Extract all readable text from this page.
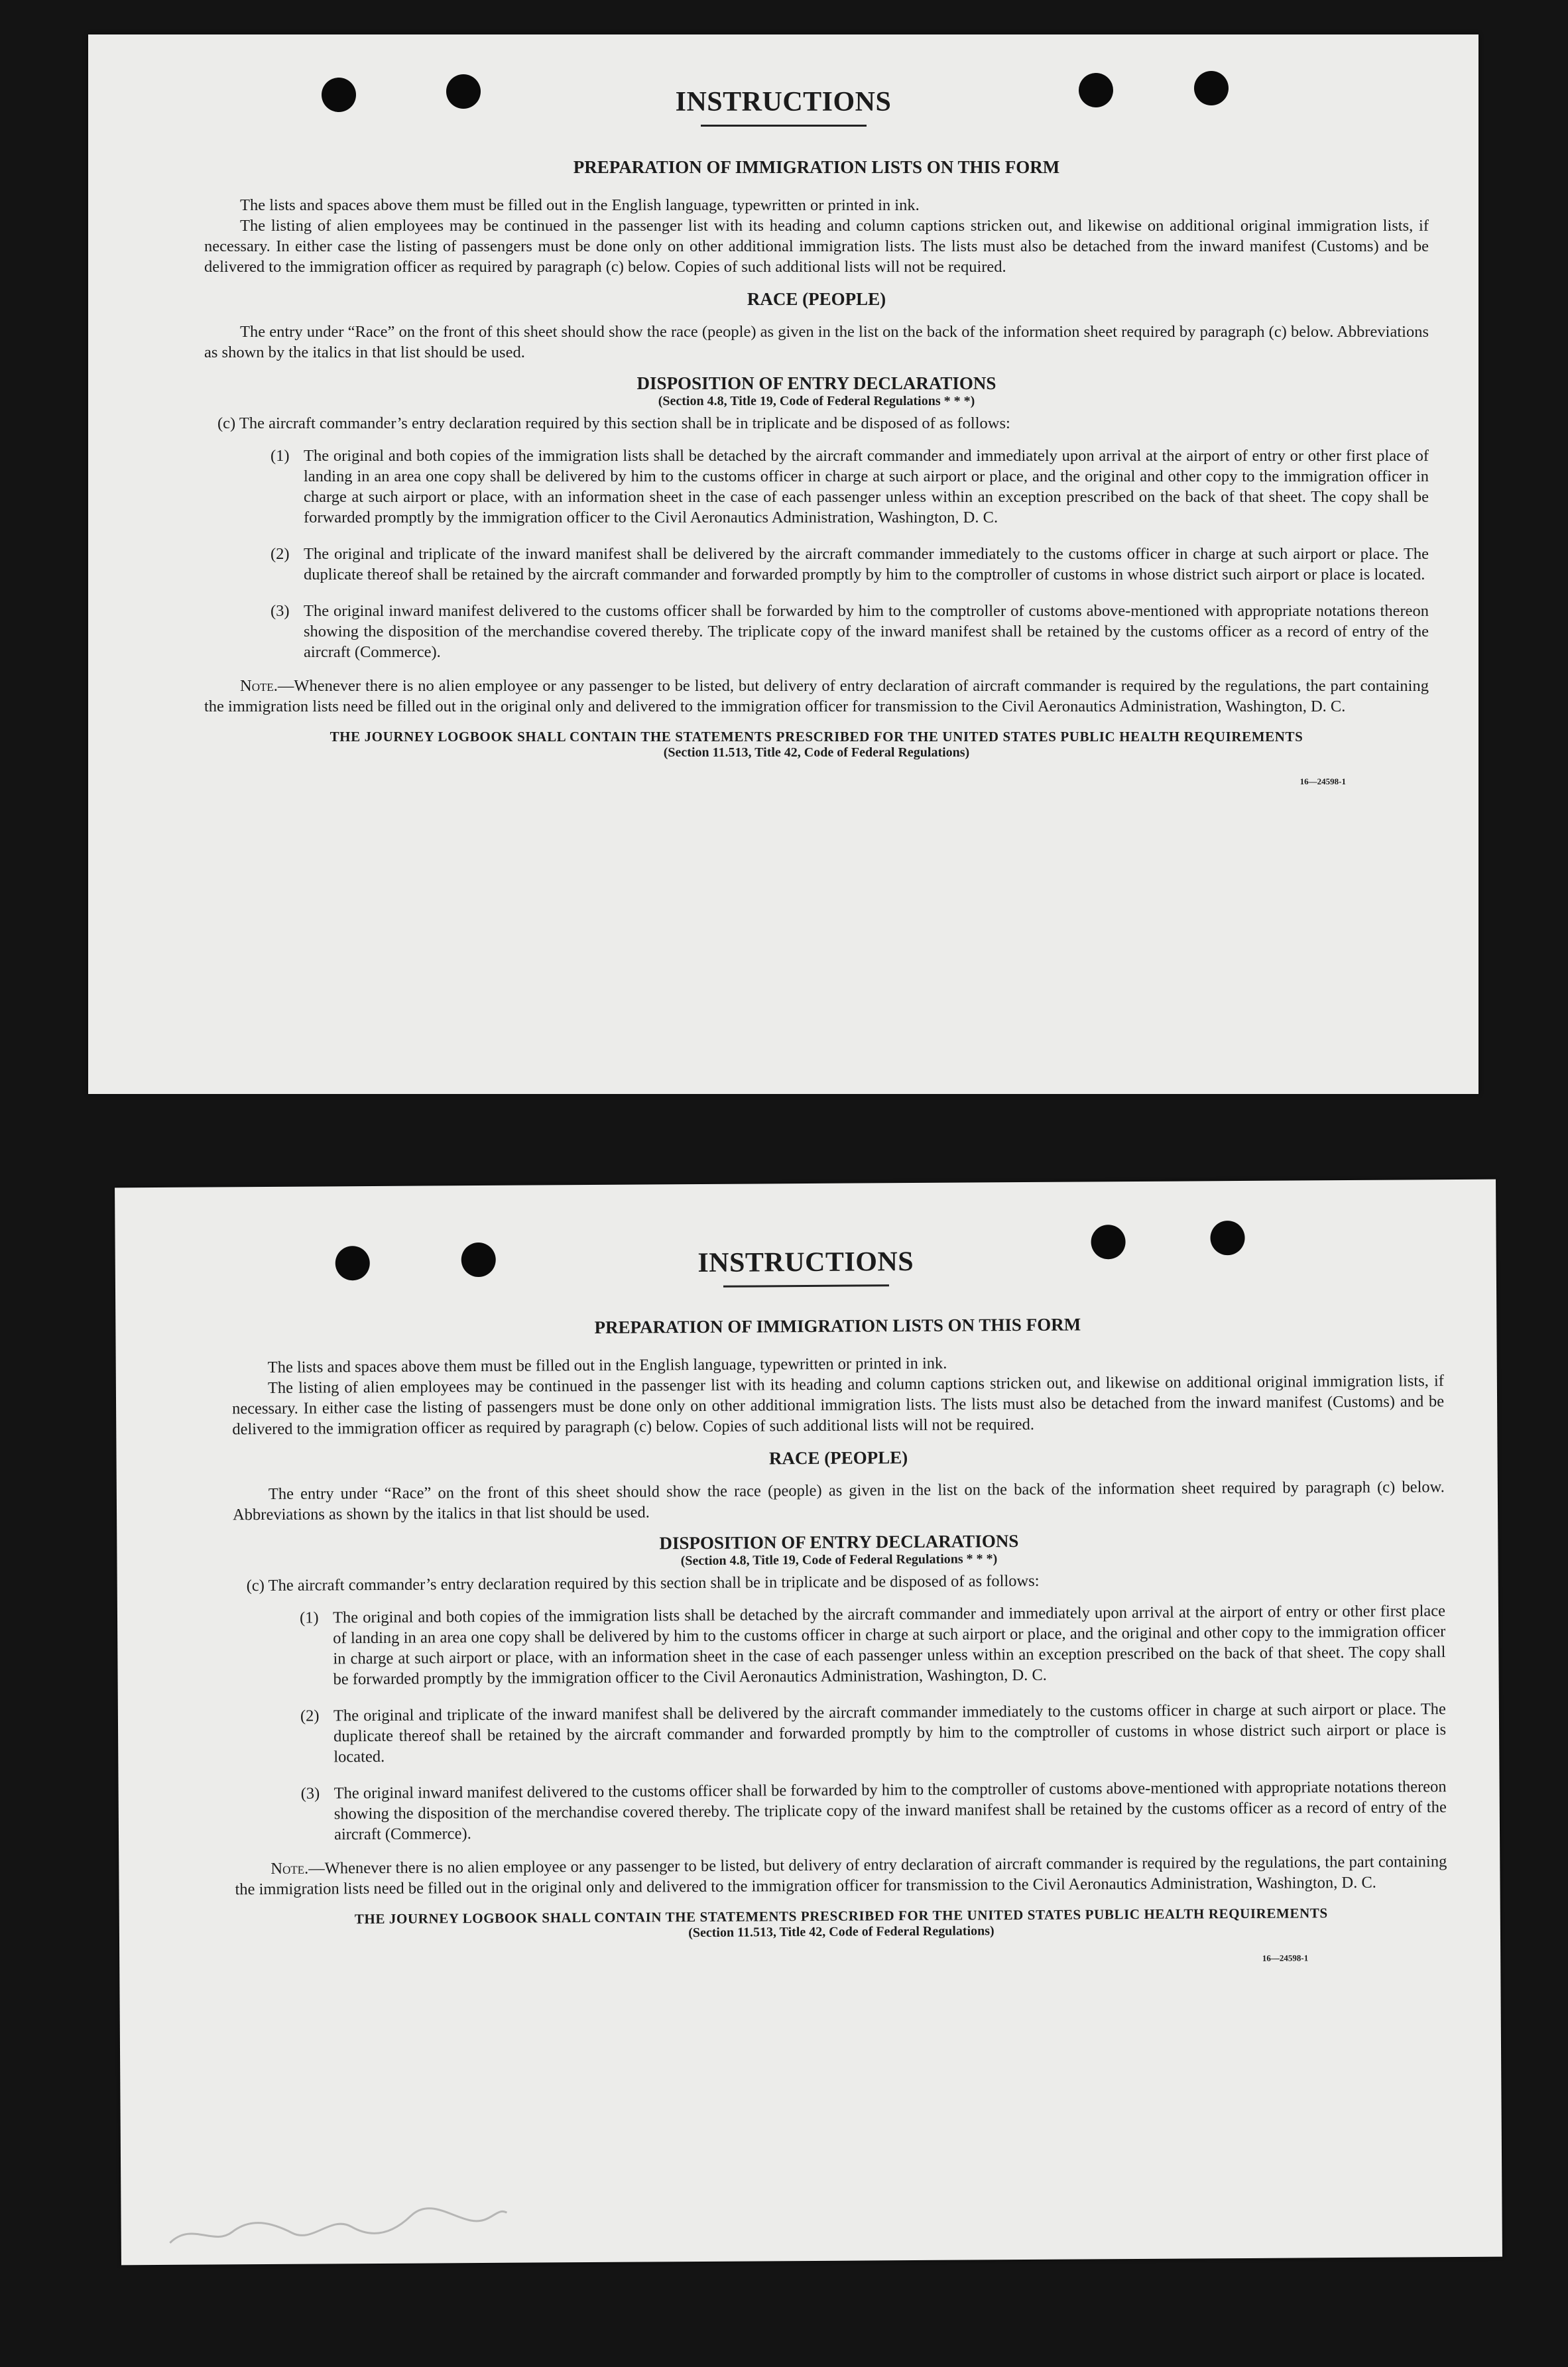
INSTRUCTIONS

PREPARATION OF IMMIGRATION LISTS ON THIS FORM

The lists and spaces above them must be filled out in the English language, typewritten or printed in ink.

The listing of alien employees may be continued in the passenger list with its heading and column captions stricken out, and likewise on additional original immigration lists, if necessary. In either case the listing of passengers must be done only on other additional immigration lists. The lists must also be detached from the inward manifest (Customs) and be delivered to the immigration officer as required by paragraph (c) below. Copies of such additional lists will not be required.

RACE (PEOPLE)

The entry under “Race” on the front of this sheet should show the race (people) as given in the list on the back of the information sheet required by paragraph (c) below. Abbreviations as shown by the italics in that list should be used.

DISPOSITION OF ENTRY DECLARATIONS

(Section 4.8, Title 19, Code of Federal Regulations * * *)

(c) The aircraft commander’s entry declaration required by this section shall be in triplicate and be disposed of as follows:

(1) The original and both copies of the immigration lists shall be detached by the aircraft commander and immediately upon arrival at the airport of entry or other first place of landing in an area one copy shall be delivered by him to the customs officer in charge at such airport or place, and the original and other copy to the immigration officer in charge at such airport or place, with an information sheet in the case of each passenger unless within an exception prescribed on the back of that sheet. The copy shall be forwarded promptly by the immigration officer to the Civil Aeronautics Administration, Washington, D. C.

(2) The original and triplicate of the inward manifest shall be delivered by the aircraft commander immediately to the customs officer in charge at such airport or place. The duplicate thereof shall be retained by the aircraft commander and forwarded promptly by him to the comptroller of customs in whose district such airport or place is located.

(3) The original inward manifest delivered to the customs officer shall be forwarded by him to the comptroller of customs above-mentioned with appropriate notations thereon showing the disposition of the merchandise covered thereby. The triplicate copy of the inward manifest shall be retained by the customs officer as a record of entry of the aircraft (Commerce).

Note.—Whenever there is no alien employee or any passenger to be listed, but delivery of entry declaration of aircraft commander is required by the regulations, the part containing the immigration lists need be filled out in the original only and delivered to the immigration officer for transmission to the Civil Aeronautics Administration, Washington, D. C.

THE JOURNEY LOGBOOK SHALL CONTAIN THE STATEMENTS PRESCRIBED FOR THE UNITED STATES PUBLIC HEALTH REQUIREMENTS

(Section 11.513, Title 42, Code of Federal Regulations)

16—24598-1

INSTRUCTIONS

PREPARATION OF IMMIGRATION LISTS ON THIS FORM

The lists and spaces above them must be filled out in the English language, typewritten or printed in ink.

The listing of alien employees may be continued in the passenger list with its heading and column captions stricken out, and likewise on additional original immigration lists, if necessary. In either case the listing of passengers must be done only on other additional immigration lists. The lists must also be detached from the inward manifest (Customs) and be delivered to the immigration officer as required by paragraph (c) below. Copies of such additional lists will not be required.

RACE (PEOPLE)

The entry under “Race” on the front of this sheet should show the race (people) as given in the list on the back of the information sheet required by paragraph (c) below. Abbreviations as shown by the italics in that list should be used.

DISPOSITION OF ENTRY DECLARATIONS

(Section 4.8, Title 19, Code of Federal Regulations * * *)

(c) The aircraft commander’s entry declaration required by this section shall be in triplicate and be disposed of as follows:

(1) The original and both copies of the immigration lists shall be detached by the aircraft commander and immediately upon arrival at the airport of entry or other first place of landing in an area one copy shall be delivered by him to the customs officer in charge at such airport or place, and the original and other copy to the immigration officer in charge at such airport or place, with an information sheet in the case of each passenger unless within an exception prescribed on the back of that sheet. The copy shall be forwarded promptly by the immigration officer to the Civil Aeronautics Administration, Washington, D. C.

(2) The original and triplicate of the inward manifest shall be delivered by the aircraft commander immediately to the customs officer in charge at such airport or place. The duplicate thereof shall be retained by the aircraft commander and forwarded promptly by him to the comptroller of customs in whose district such airport or place is located.

(3) The original inward manifest delivered to the customs officer shall be forwarded by him to the comptroller of customs above-mentioned with appropriate notations thereon showing the disposition of the merchandise covered thereby. The triplicate copy of the inward manifest shall be retained by the customs officer as a record of entry of the aircraft (Commerce).

Note.—Whenever there is no alien employee or any passenger to be listed, but delivery of entry declaration of aircraft commander is required by the regulations, the part containing the immigration lists need be filled out in the original only and delivered to the immigration officer for transmission to the Civil Aeronautics Administration, Washington, D. C.

THE JOURNEY LOGBOOK SHALL CONTAIN THE STATEMENTS PRESCRIBED FOR THE UNITED STATES PUBLIC HEALTH REQUIREMENTS

(Section 11.513, Title 42, Code of Federal Regulations)

16—24598-1
